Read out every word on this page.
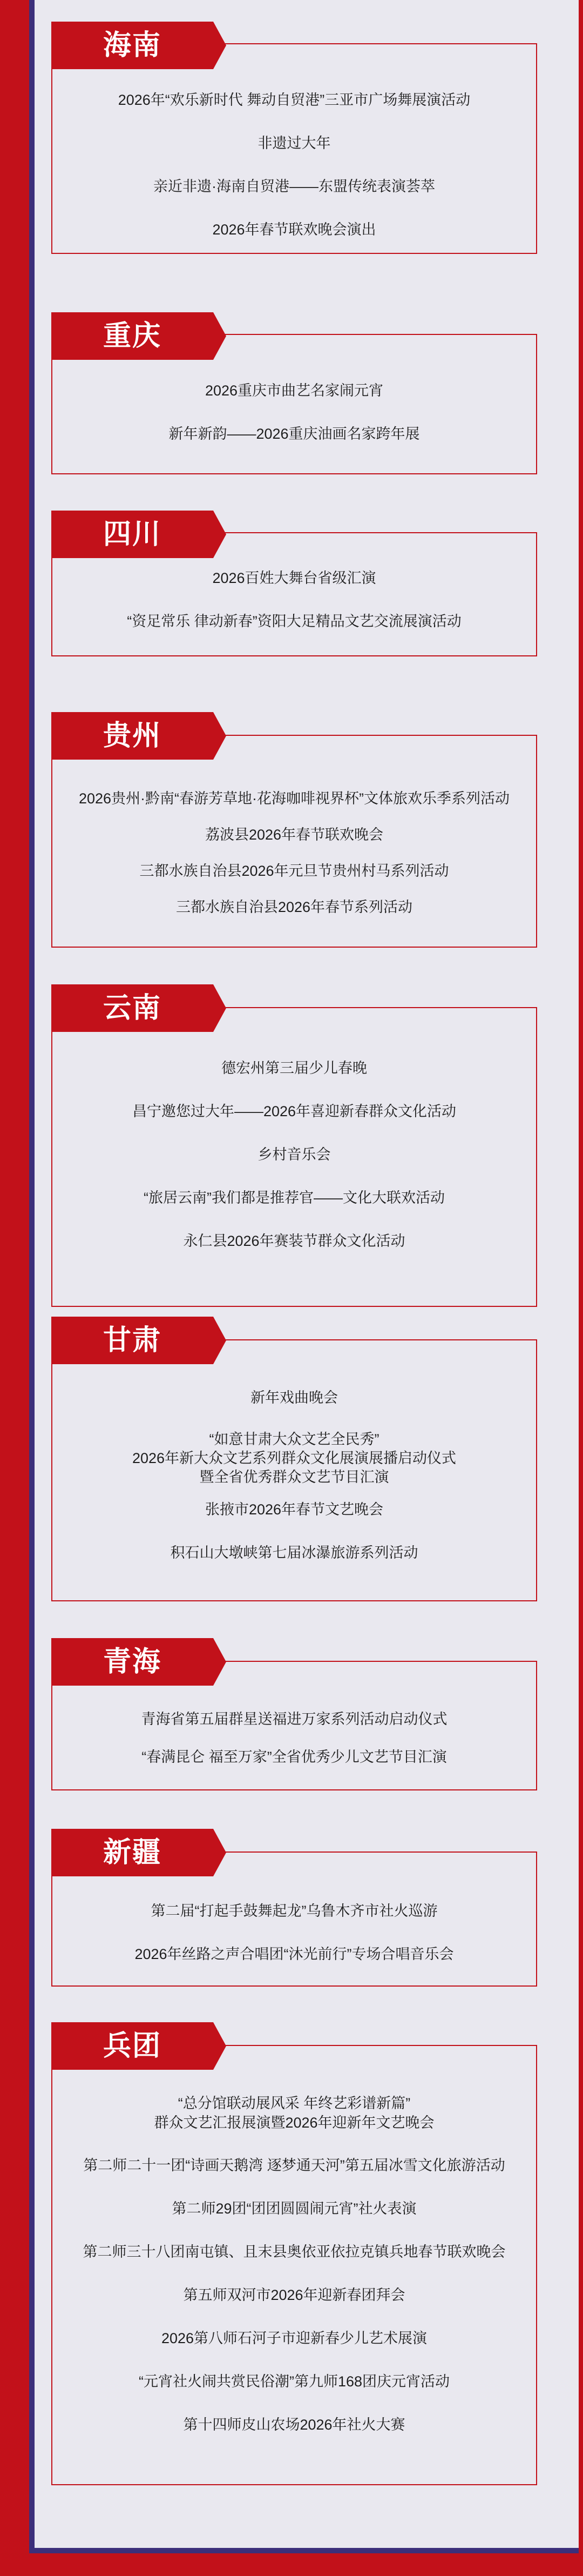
海南
2026年“欢乐新时代 舞动自贸港”三亚市广场舞展演活动
非遗过大年
亲近非遗·海南自贸港——东盟传统表演荟萃
2026年春节联欢晚会演出
重庆
2026重庆市曲艺名家闹元宵
新年新韵——2026重庆油画名家跨年展
四川
2026百姓大舞台省级汇演
“资足常乐 律动新春”资阳大足精品文艺交流展演活动
贵州
2026贵州·黔南“春游芳草地·花海咖啡视界杯”文体旅欢乐季系列活动
荔波县2026年春节联欢晚会
三都水族自治县2026年元旦节贵州村马系列活动
三都水族自治县2026年春节系列活动
云南
德宏州第三届少儿春晚
昌宁邀您过大年——2026年喜迎新春群众文化活动
乡村音乐会
“旅居云南”我们都是推荐官——文化大联欢活动
永仁县2026年赛装节群众文化活动
甘肃
新年戏曲晚会
“如意甘肃大众文艺全民秀”
2026年新大众文艺系列群众文化展演展播启动仪式
暨全省优秀群众文艺节目汇演
张掖市2026年春节文艺晚会
积石山大墩峡第七届冰瀑旅游系列活动
青海
青海省第五届群星送福进万家系列活动启动仪式
“春满昆仑 福至万家”全省优秀少儿文艺节目汇演
新疆
第二届“打起手鼓舞起龙”乌鲁木齐市社火巡游
2026年丝路之声合唱团“沐光前行”专场合唱音乐会
兵团
“总分馆联动展风采 年终艺彩谱新篇”
群众文艺汇报展演暨2026年迎新年文艺晚会
第二师二十一团“诗画天鹅湾 逐梦通天河”第五届冰雪文化旅游活动
第二师29团“团团圆圆闹元宵”社火表演
第二师三十八团南屯镇、且末县奥依亚依拉克镇兵地春节联欢晚会
第五师双河市2026年迎新春团拜会
2026第八师石河子市迎新春少儿艺术展演
“元宵社火闹共赏民俗潮”第九师168团庆元宵活动
第十四师皮山农场2026年社火大赛
